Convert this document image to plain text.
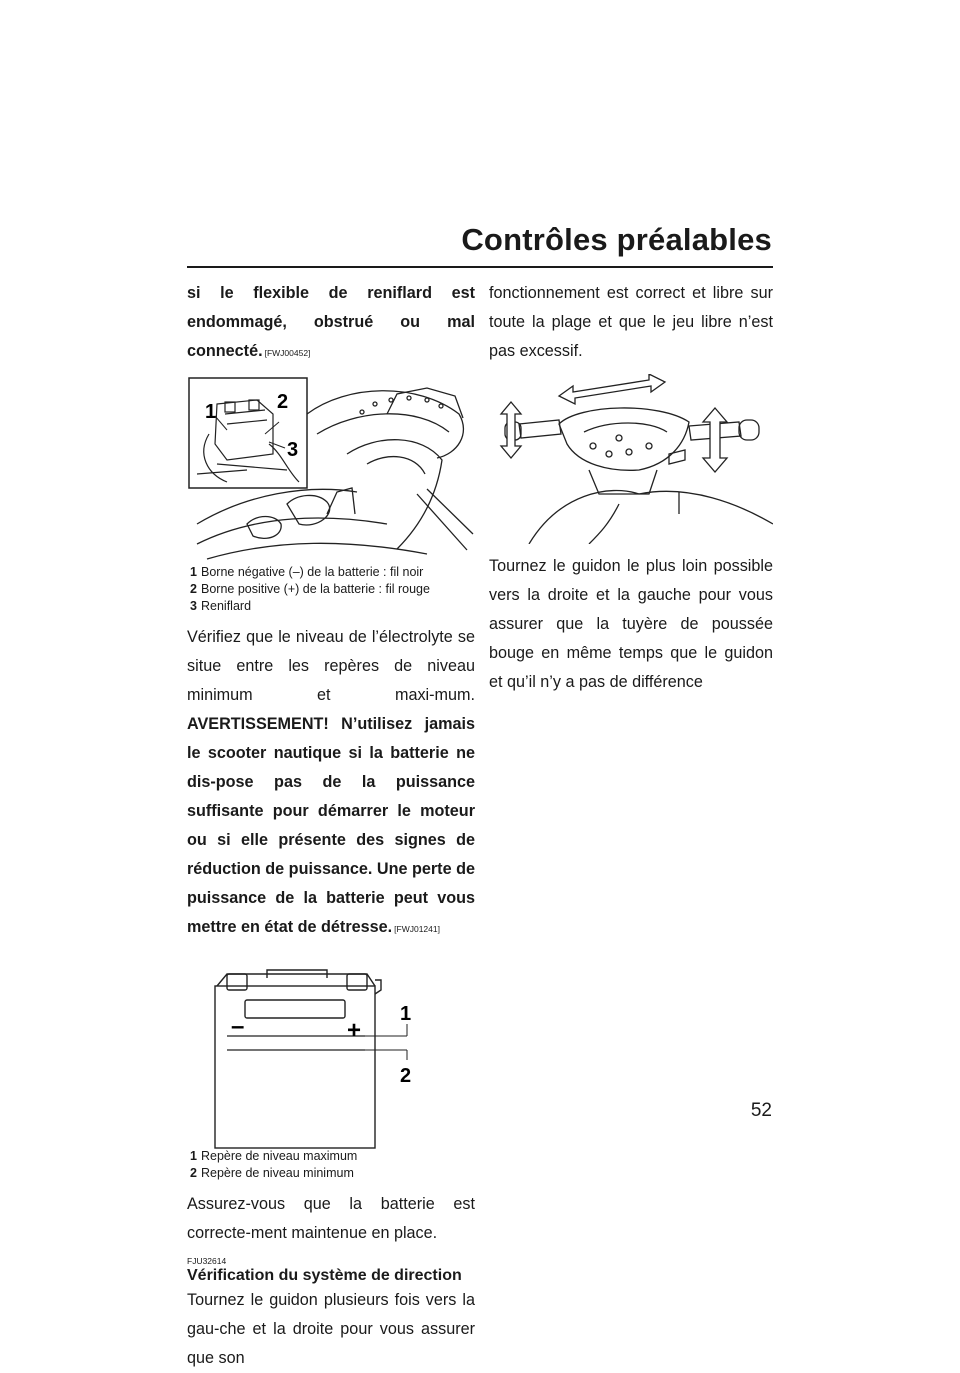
Contrôles préalables

si le flexible de reniflard est endommagé, obstrué ou mal connecté. [FWJ00452]

1	2
3
1 Borne négative (–) de la batterie : fil noir
2 Borne positive (+) de la batterie : fil rouge
3 Reniflard

Vérifiez que le niveau de l’électrolyte se situe entre les repères de niveau minimum et maxi-mum. AVERTISSEMENT! N’utilisez jamais le scooter nautique si la batterie ne dis-pose pas de la puissance suffisante pour démarrer le moteur ou si elle présente des signes de réduction de puissance. Une perte de puissance de la batterie peut vous mettre en état de détresse. [FWJ01241]

–	+
1
2
1 Repère de niveau maximum
2 Repère de niveau minimum

Assurez-vous que la batterie est correcte-ment maintenue en place.

FJU32614
Vérification du système de direction

Tournez le guidon plusieurs fois vers la gau-che et la droite pour vous assurer que son

fonctionnement est correct et libre sur toute la plage et que le jeu libre n’est pas excessif.

Tournez le guidon le plus loin possible vers la droite et la gauche pour vous assurer que la tuyère de poussée bouge en même temps que le guidon et qu’il n’y a pas de différence

52
